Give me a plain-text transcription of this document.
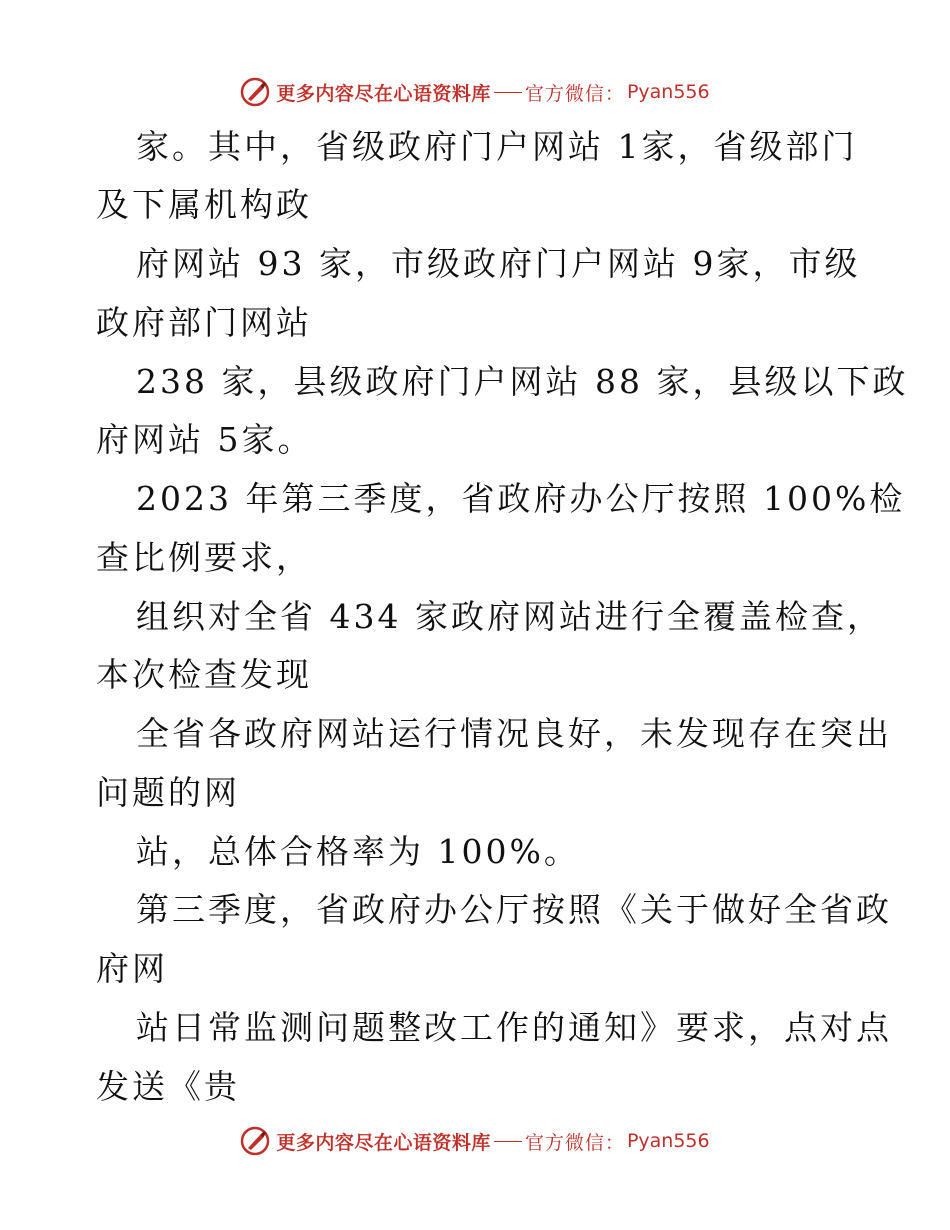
更多内容尽在心语资料库 官方微信： Pyan556
家。其中，省级政府门户网站 1家，省级部门
及下属机构政
府网站 93 家，市级政府门户网站 9家，市级
政府部门网站
238 家，县级政府门户网站 88 家，县级以下政
府网站 5家。
2023 年第三季度，省政府办公厅按照 100%检
查比例要求，
组织对全省 434 家政府网站进行全覆盖检查，
本次检查发现
全省各政府网站运行情况良好，未发现存在突出
问题的网
站，总体合格率为 100%。
第三季度，省政府办公厅按照《关于做好全省政
府网
站日常监测问题整改工作的通知》要求，点对点
发送《贵
更多内容尽在心语资料库 官方微信： Pyan556
